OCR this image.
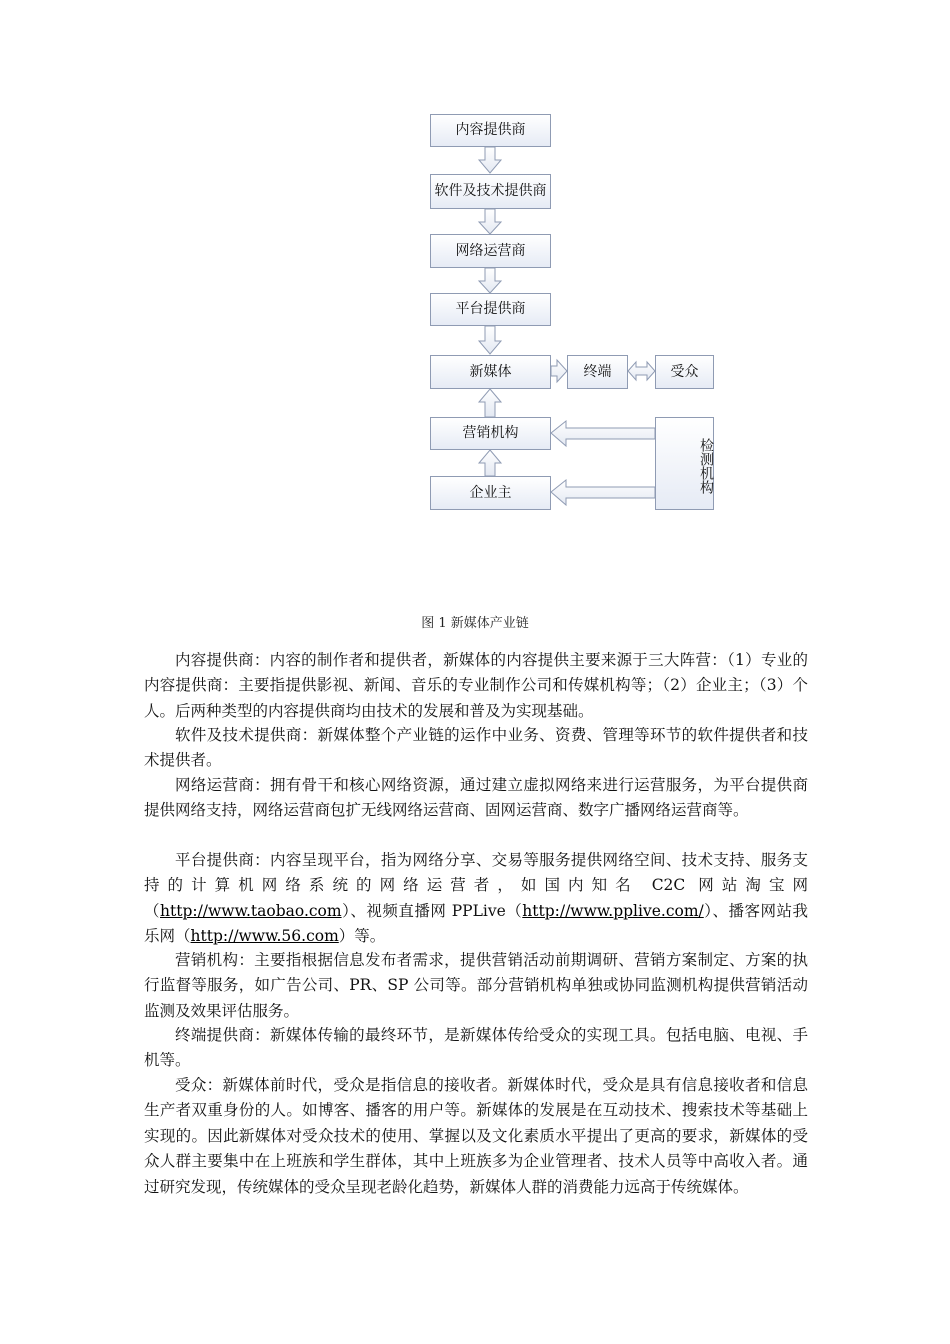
内容提供商
软件及技术提供商
网络运营商
平台提供商
新媒体	终端	受众
营销机构
企业主	检测机构
图 1 新媒体产业链

内容提供商：内容的制作者和提供者，新媒体的内容提供主要来源于三大阵营：（1）专业的内容提供商：主要指提供影视、新闻、音乐的专业制作公司和传媒机构等；（2）企业主；（3）个人。后两种类型的内容提供商均由技术的发展和普及为实现基础。

软件及技术提供商：新媒体整个产业链的运作中业务、资费、管理等环节的软件提供者和技术提供者。

网络运营商：拥有骨干和核心网络资源，通过建立虚拟网络来进行运营服务，为平台提供商提供网络支持，网络运营商包扩无线网络运营商、固网运营商、数字广播网络运营商等。

平台提供商：内容呈现平台，指为网络分享、交易等服务提供网络空间、技术支持、服务支持的计算机网络系统的网络运营者，如国内知名 C2C 网站淘宝网（http://www.taobao.com）、视频直播网 PPLive（http://www.pplive.com/）、播客网站我乐网（http://www.56.com）等。

营销机构：主要指根据信息发布者需求，提供营销活动前期调研、营销方案制定、方案的执行监督等服务，如广告公司、PR、SP 公司等。部分营销机构单独或协同监测机构提供营销活动监测及效果评估服务。

终端提供商：新媒体传输的最终环节，是新媒体传给受众的实现工具。包括电脑、电视、手机等。

受众：新媒体前时代，受众是指信息的接收者。新媒体时代，受众是具有信息接收者和信息生产者双重身份的人。如博客、播客的用户等。新媒体的发展是在互动技术、搜索技术等基础上实现的。因此新媒体对受众技术的使用、掌握以及文化素质水平提出了更高的要求，新媒体的受众人群主要集中在上班族和学生群体，其中上班族多为企业管理者、技术人员等中高收入者。通过研究发现，传统媒体的受众呈现老龄化趋势，新媒体人群的消费能力远高于传统媒体。
